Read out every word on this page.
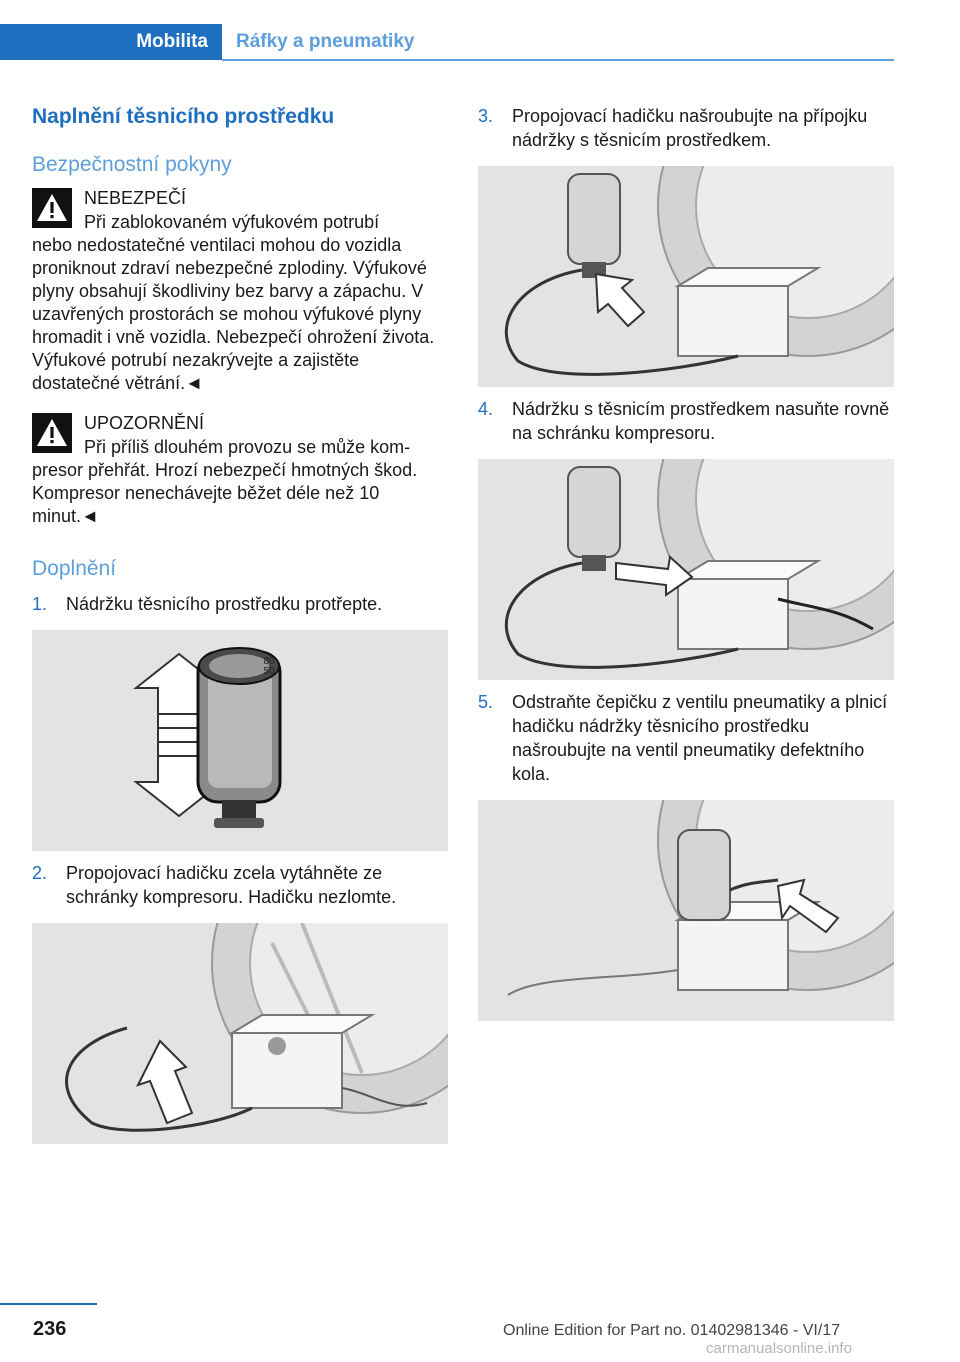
Mobilita	Ráfky a pneumatiky
Naplnění těsnicího prostředku
Bezpečnostní pokyny
NEBEZPEČÍ
Při zablokovaném výfukovém potrubí
nebo nedostatečné ventilaci mohou do vozidla proniknout zdraví nebezpečné zplodiny. Výfukové plyny obsahují škodliviny bez barvy a zápachu. V uzavřených prostorách se mohou výfukové plyny hromadit i vně vozidla. Nebezpečí ohrožení života. Výfukové potrubí nezakrývejte a zajistěte dostatečné větrání.◄
UPOZORNĚNÍ
Při příliš dlouhém provozu se může kom-
presor přehřát. Hrozí nebezpečí hmotných škod. Kompresor nenechávejte běžet déle než 10 minut.◄
Doplnění
1.	Nádržku těsnicího prostředku protřepte.
80
50
2.	Propojovací hadičku zcela vytáhněte ze schránky kompresoru. Hadičku nezlomte.
3.	Propojovací hadičku našroubujte na přípojku nádržky s těsnicím prostředkem.
4.	Nádržku s těsnicím prostředkem nasuňte rovně na schránku kompresoru.
5.	Odstraňte čepičku z ventilu pneumatiky a plnicí hadičku nádržky těsnicího prostředku našroubujte na ventil pneumatiky defektního kola.
236	Online Edition for Part no. 01402981346 - VI/17
carmanualsonline.info
